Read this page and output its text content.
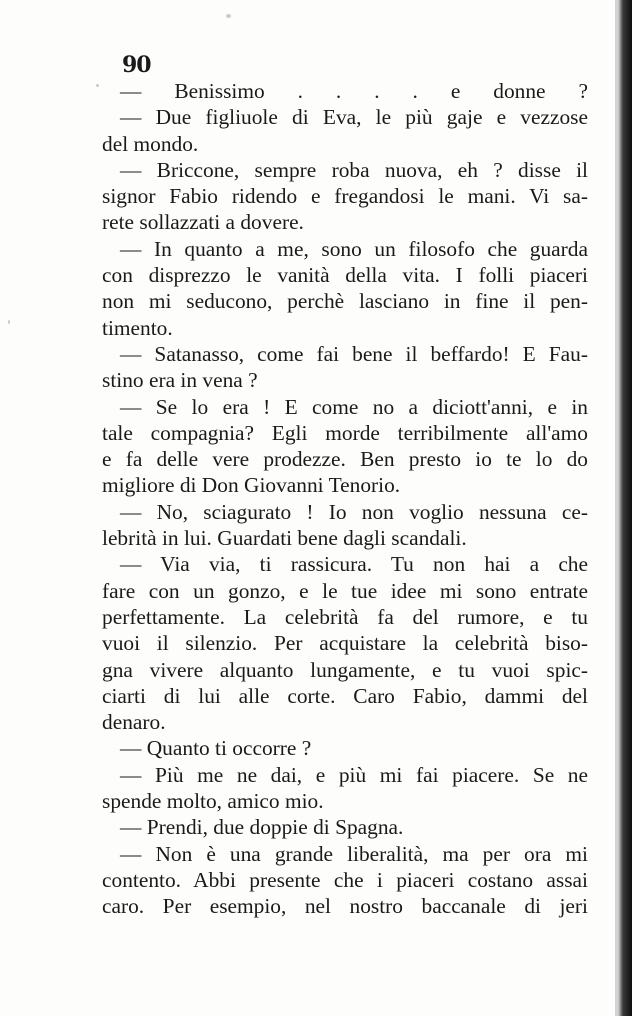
90
— Benissimo . . . . e donne ?
— Due figliuole di Eva, le più gaje e vezzose
del mondo.
— Briccone, sempre roba nuova, eh ? disse il
signor Fabio ridendo e fregandosi le mani. Vi sa-
rete sollazzati a dovere.
— In quanto a me, sono un filosofo che guarda
con disprezzo le vanità della vita. I folli piaceri
non mi seducono, perchè lasciano in fine il pen-
timento.
— Satanasso, come fai bene il beffardo! E Fau-
stino era in vena ?
— Se lo era ! E come no a diciott'anni, e in
tale compagnia? Egli morde terribilmente all'amo
e fa delle vere prodezze. Ben presto io te lo do
migliore di Don Giovanni Tenorio.
— No, sciagurato ! Io non voglio nessuna ce-
lebrità in lui. Guardati bene dagli scandali.
— Via via, ti rassicura. Tu non hai a che
fare con un gonzo, e le tue idee mi sono entrate
perfettamente. La celebrità fa del rumore, e tu
vuoi il silenzio. Per acquistare la celebrità biso-
gna vivere alquanto lungamente, e tu vuoi spic-
ciarti di lui alle corte. Caro Fabio, dammi del
denaro.
— Quanto ti occorre ?
— Più me ne dai, e più mi fai piacere. Se ne
spende molto, amico mio.
— Prendi, due doppie di Spagna.
— Non è una grande liberalità, ma per ora mi
contento. Abbi presente che i piaceri costano assai
caro. Per esempio, nel nostro baccanale di jeri
